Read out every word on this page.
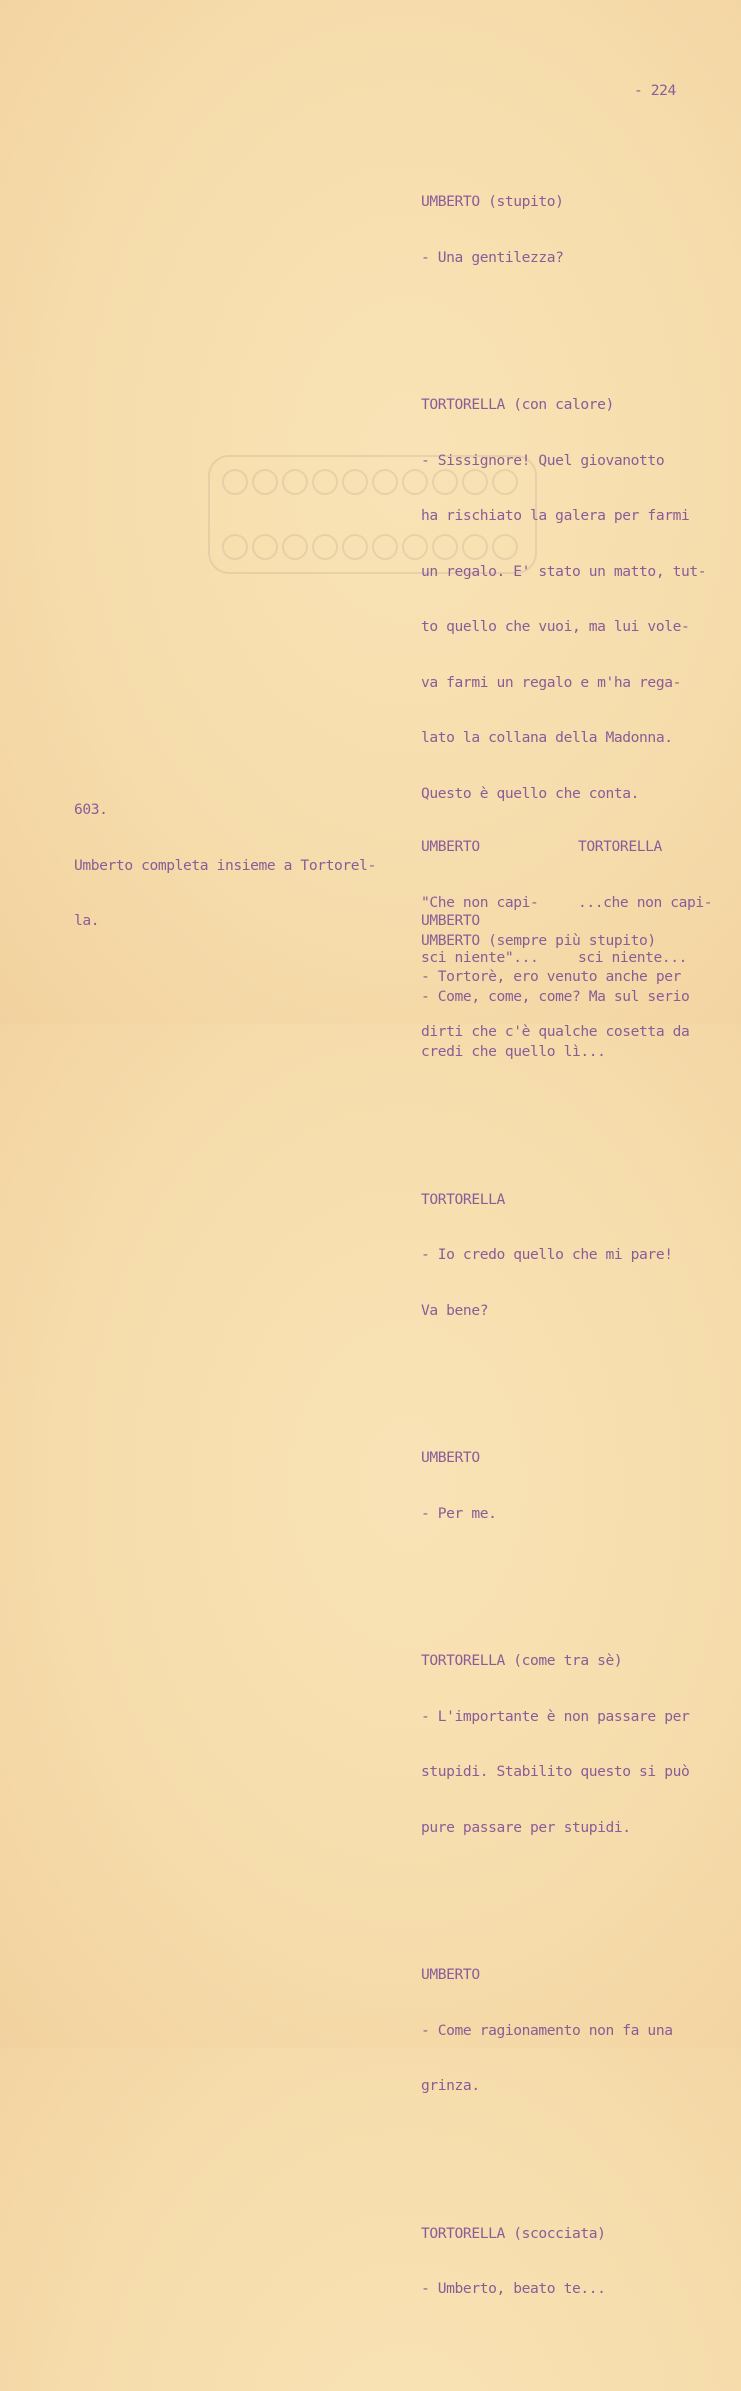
- 224

UMBERTO (stupito)

- Una gentilezza?

TORTORELLA (con calore)

- Sissignore! Quel giovanotto

ha rischiato la galera per farmi

un regalo. E' stato un matto, tut-

to quello che vuoi, ma lui vole-

va farmi un regalo e m'ha rega-

lato la collana della Madonna.

Questo è quello che conta.

UMBERTO (sempre più stupito)

- Come, come, come? Ma sul serio

credi che quello lì...

TORTORELLA

- Io credo quello che mi pare!

Va bene?

UMBERTO

- Per me.

TORTORELLA (come tra sè)

- L'importante è non passare per

stupidi. Stabilito questo si può

pure passare per stupidi.

UMBERTO

- Come ragionamento non fa una

grinza.

TORTORELLA (scocciata)

- Umberto, beato te...

603.

Umberto completa insieme a Tortorel-

la.

UMBERTO

"Che non capi-

sci niente"...

TORTORELLA

...che non capi-

sci niente...

UMBERTO

- Tortorè, ero venuto anche per

dirti che c'è qualche cosetta da
